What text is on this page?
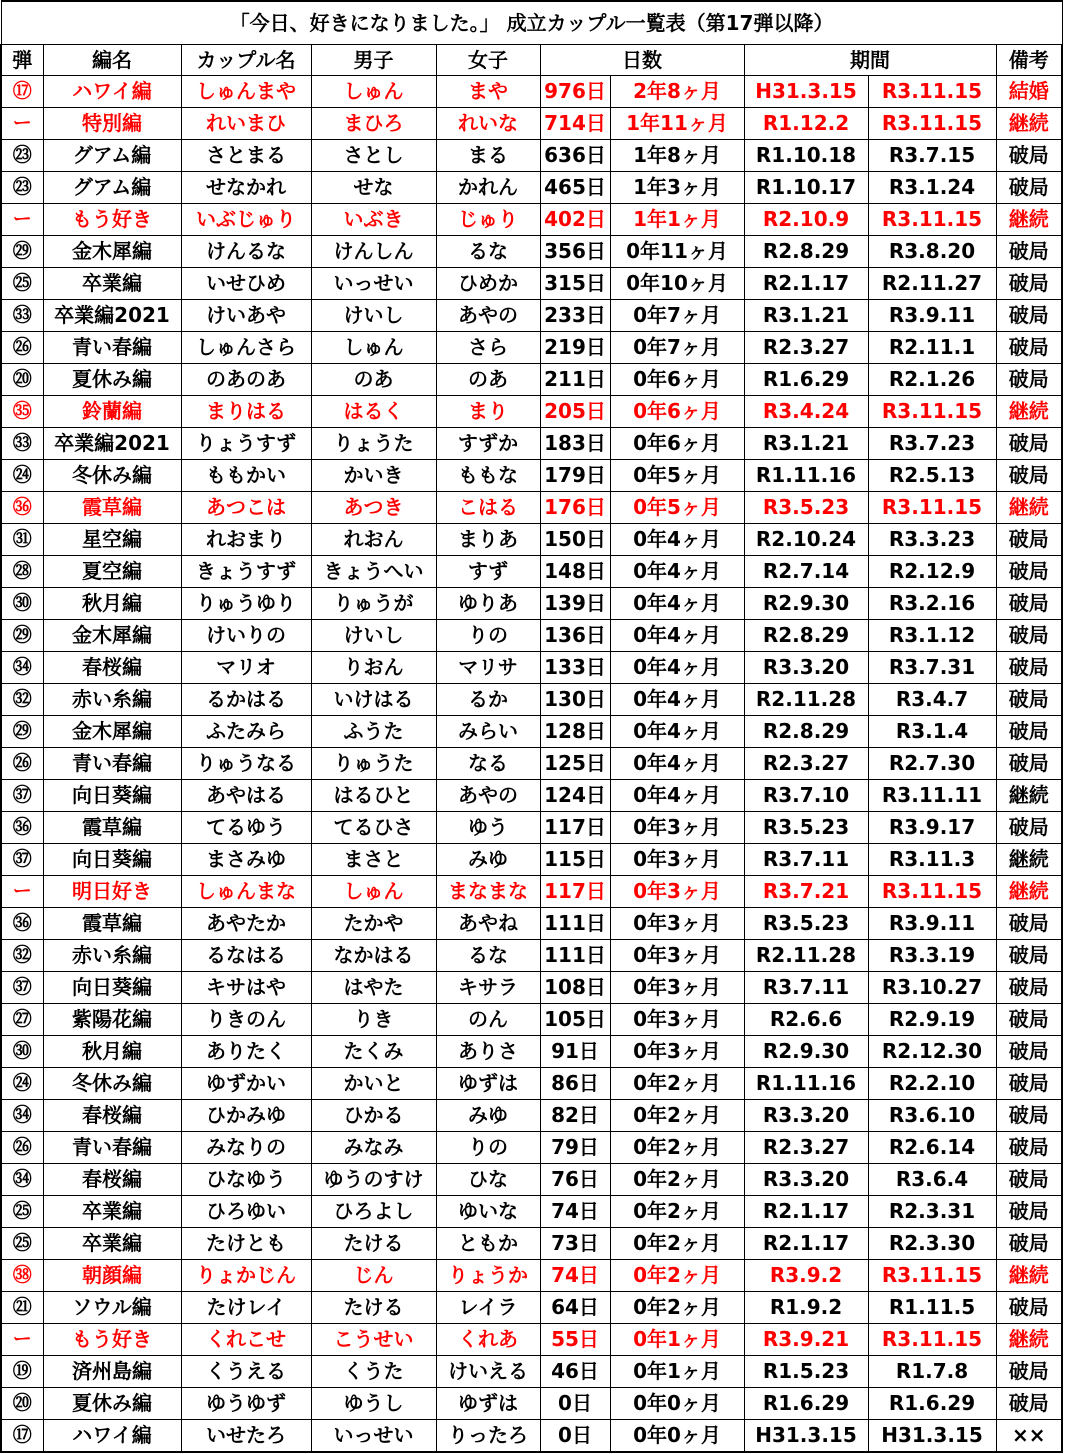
「今日、好きになりました。」 成立カップル一覧表（第17弾以降）									
弾	編名	カップル名	男子	女子	日数		期間		備考
⑰	ハワイ編	しゅんまや	しゅん	まや	976日	2年8ヶ月	H31.3.15	R3.11.15	結婚
ー	特別編	れいまひ	まひろ	れいな	714日	1年11ヶ月	R1.12.2	R3.11.15	継続
㉓	グアム編	さとまる	さとし	まる	636日	1年8ヶ月	R1.10.18	R3.7.15	破局
㉓	グアム編	せなかれ	せな	かれん	465日	1年3ヶ月	R1.10.17	R3.1.24	破局
ー	もう好き	いぶじゅり	いぶき	じゅり	402日	1年1ヶ月	R2.10.9	R3.11.15	継続
㉙	金木犀編	けんるな	けんしん	るな	356日	0年11ヶ月	R2.8.29	R3.8.20	破局
㉕	卒業編	いせひめ	いっせい	ひめか	315日	0年10ヶ月	R2.1.17	R2.11.27	破局
㉝	卒業編2021	けいあや	けいし	あやの	233日	0年7ヶ月	R3.1.21	R3.9.11	破局
㉖	青い春編	しゅんさら	しゅん	さら	219日	0年7ヶ月	R2.3.27	R2.11.1	破局
⑳	夏休み編	のあのあ	のあ	のあ	211日	0年6ヶ月	R1.6.29	R2.1.26	破局
㉟	鈴蘭編	まりはる	はるく	まり	205日	0年6ヶ月	R3.4.24	R3.11.15	継続
㉝	卒業編2021	りょうすず	りょうた	すずか	183日	0年6ヶ月	R3.1.21	R3.7.23	破局
㉔	冬休み編	ももかい	かいき	ももな	179日	0年5ヶ月	R1.11.16	R2.5.13	破局
㊱	霞草編	あつこは	あつき	こはる	176日	0年5ヶ月	R3.5.23	R3.11.15	継続
㉛	星空編	れおまり	れおん	まりあ	150日	0年4ヶ月	R2.10.24	R3.3.23	破局
㉘	夏空編	きょうすず	きょうへい	すず	148日	0年4ヶ月	R2.7.14	R2.12.9	破局
㉚	秋月編	りゅうゆり	りゅうが	ゆりあ	139日	0年4ヶ月	R2.9.30	R3.2.16	破局
㉙	金木犀編	けいりの	けいし	りの	136日	0年4ヶ月	R2.8.29	R3.1.12	破局
㉞	春桜編	マリオ	りおん	マリサ	133日	0年4ヶ月	R3.3.20	R3.7.31	破局
㉜	赤い糸編	るかはる	いけはる	るか	130日	0年4ヶ月	R2.11.28	R3.4.7	破局
㉙	金木犀編	ふたみら	ふうた	みらい	128日	0年4ヶ月	R2.8.29	R3.1.4	破局
㉖	青い春編	りゅうなる	りゅうた	なる	125日	0年4ヶ月	R2.3.27	R2.7.30	破局
㊲	向日葵編	あやはる	はるひと	あやの	124日	0年4ヶ月	R3.7.10	R3.11.11	継続
㊱	霞草編	てるゆう	てるひさ	ゆう	117日	0年3ヶ月	R3.5.23	R3.9.17	破局
㊲	向日葵編	まさみゆ	まさと	みゆ	115日	0年3ヶ月	R3.7.11	R3.11.3	継続
ー	明日好き	しゅんまな	しゅん	まなまな	117日	0年3ヶ月	R3.7.21	R3.11.15	継続
㊱	霞草編	あやたか	たかや	あやね	111日	0年3ヶ月	R3.5.23	R3.9.11	破局
㉜	赤い糸編	るなはる	なかはる	るな	111日	0年3ヶ月	R2.11.28	R3.3.19	破局
㊲	向日葵編	キサはや	はやた	キサラ	108日	0年3ヶ月	R3.7.11	R3.10.27	破局
㉗	紫陽花編	りきのん	りき	のん	105日	0年3ヶ月	R2.6.6	R2.9.19	破局
㉚	秋月編	ありたく	たくみ	ありさ	91日	0年3ヶ月	R2.9.30	R2.12.30	破局
㉔	冬休み編	ゆずかい	かいと	ゆずは	86日	0年2ヶ月	R1.11.16	R2.2.10	破局
㉞	春桜編	ひかみゆ	ひかる	みゆ	82日	0年2ヶ月	R3.3.20	R3.6.10	破局
㉖	青い春編	みなりの	みなみ	りの	79日	0年2ヶ月	R2.3.27	R2.6.14	破局
㉞	春桜編	ひなゆう	ゆうのすけ	ひな	76日	0年2ヶ月	R3.3.20	R3.6.4	破局
㉕	卒業編	ひろゆい	ひろよし	ゆいな	74日	0年2ヶ月	R2.1.17	R2.3.31	破局
㉕	卒業編	たけとも	たける	ともか	73日	0年2ヶ月	R2.1.17	R2.3.30	破局
㊳	朝顔編	りょかじん	じん	りょうか	74日	0年2ヶ月	R3.9.2	R3.11.15	継続
㉑	ソウル編	たけレイ	たける	レイラ	64日	0年2ヶ月	R1.9.2	R1.11.5	破局
ー	もう好き	くれこせ	こうせい	くれあ	55日	0年1ヶ月	R3.9.21	R3.11.15	継続
⑲	済州島編	くうえる	くうた	けいえる	46日	0年1ヶ月	R1.5.23	R1.7.8	破局
⑳	夏休み編	ゆうゆず	ゆうし	ゆずは	0日	0年0ヶ月	R1.6.29	R1.6.29	破局
⑰	ハワイ編	いせたろ	いっせい	りったろ	0日	0年0ヶ月	H31.3.15	H31.3.15	××
